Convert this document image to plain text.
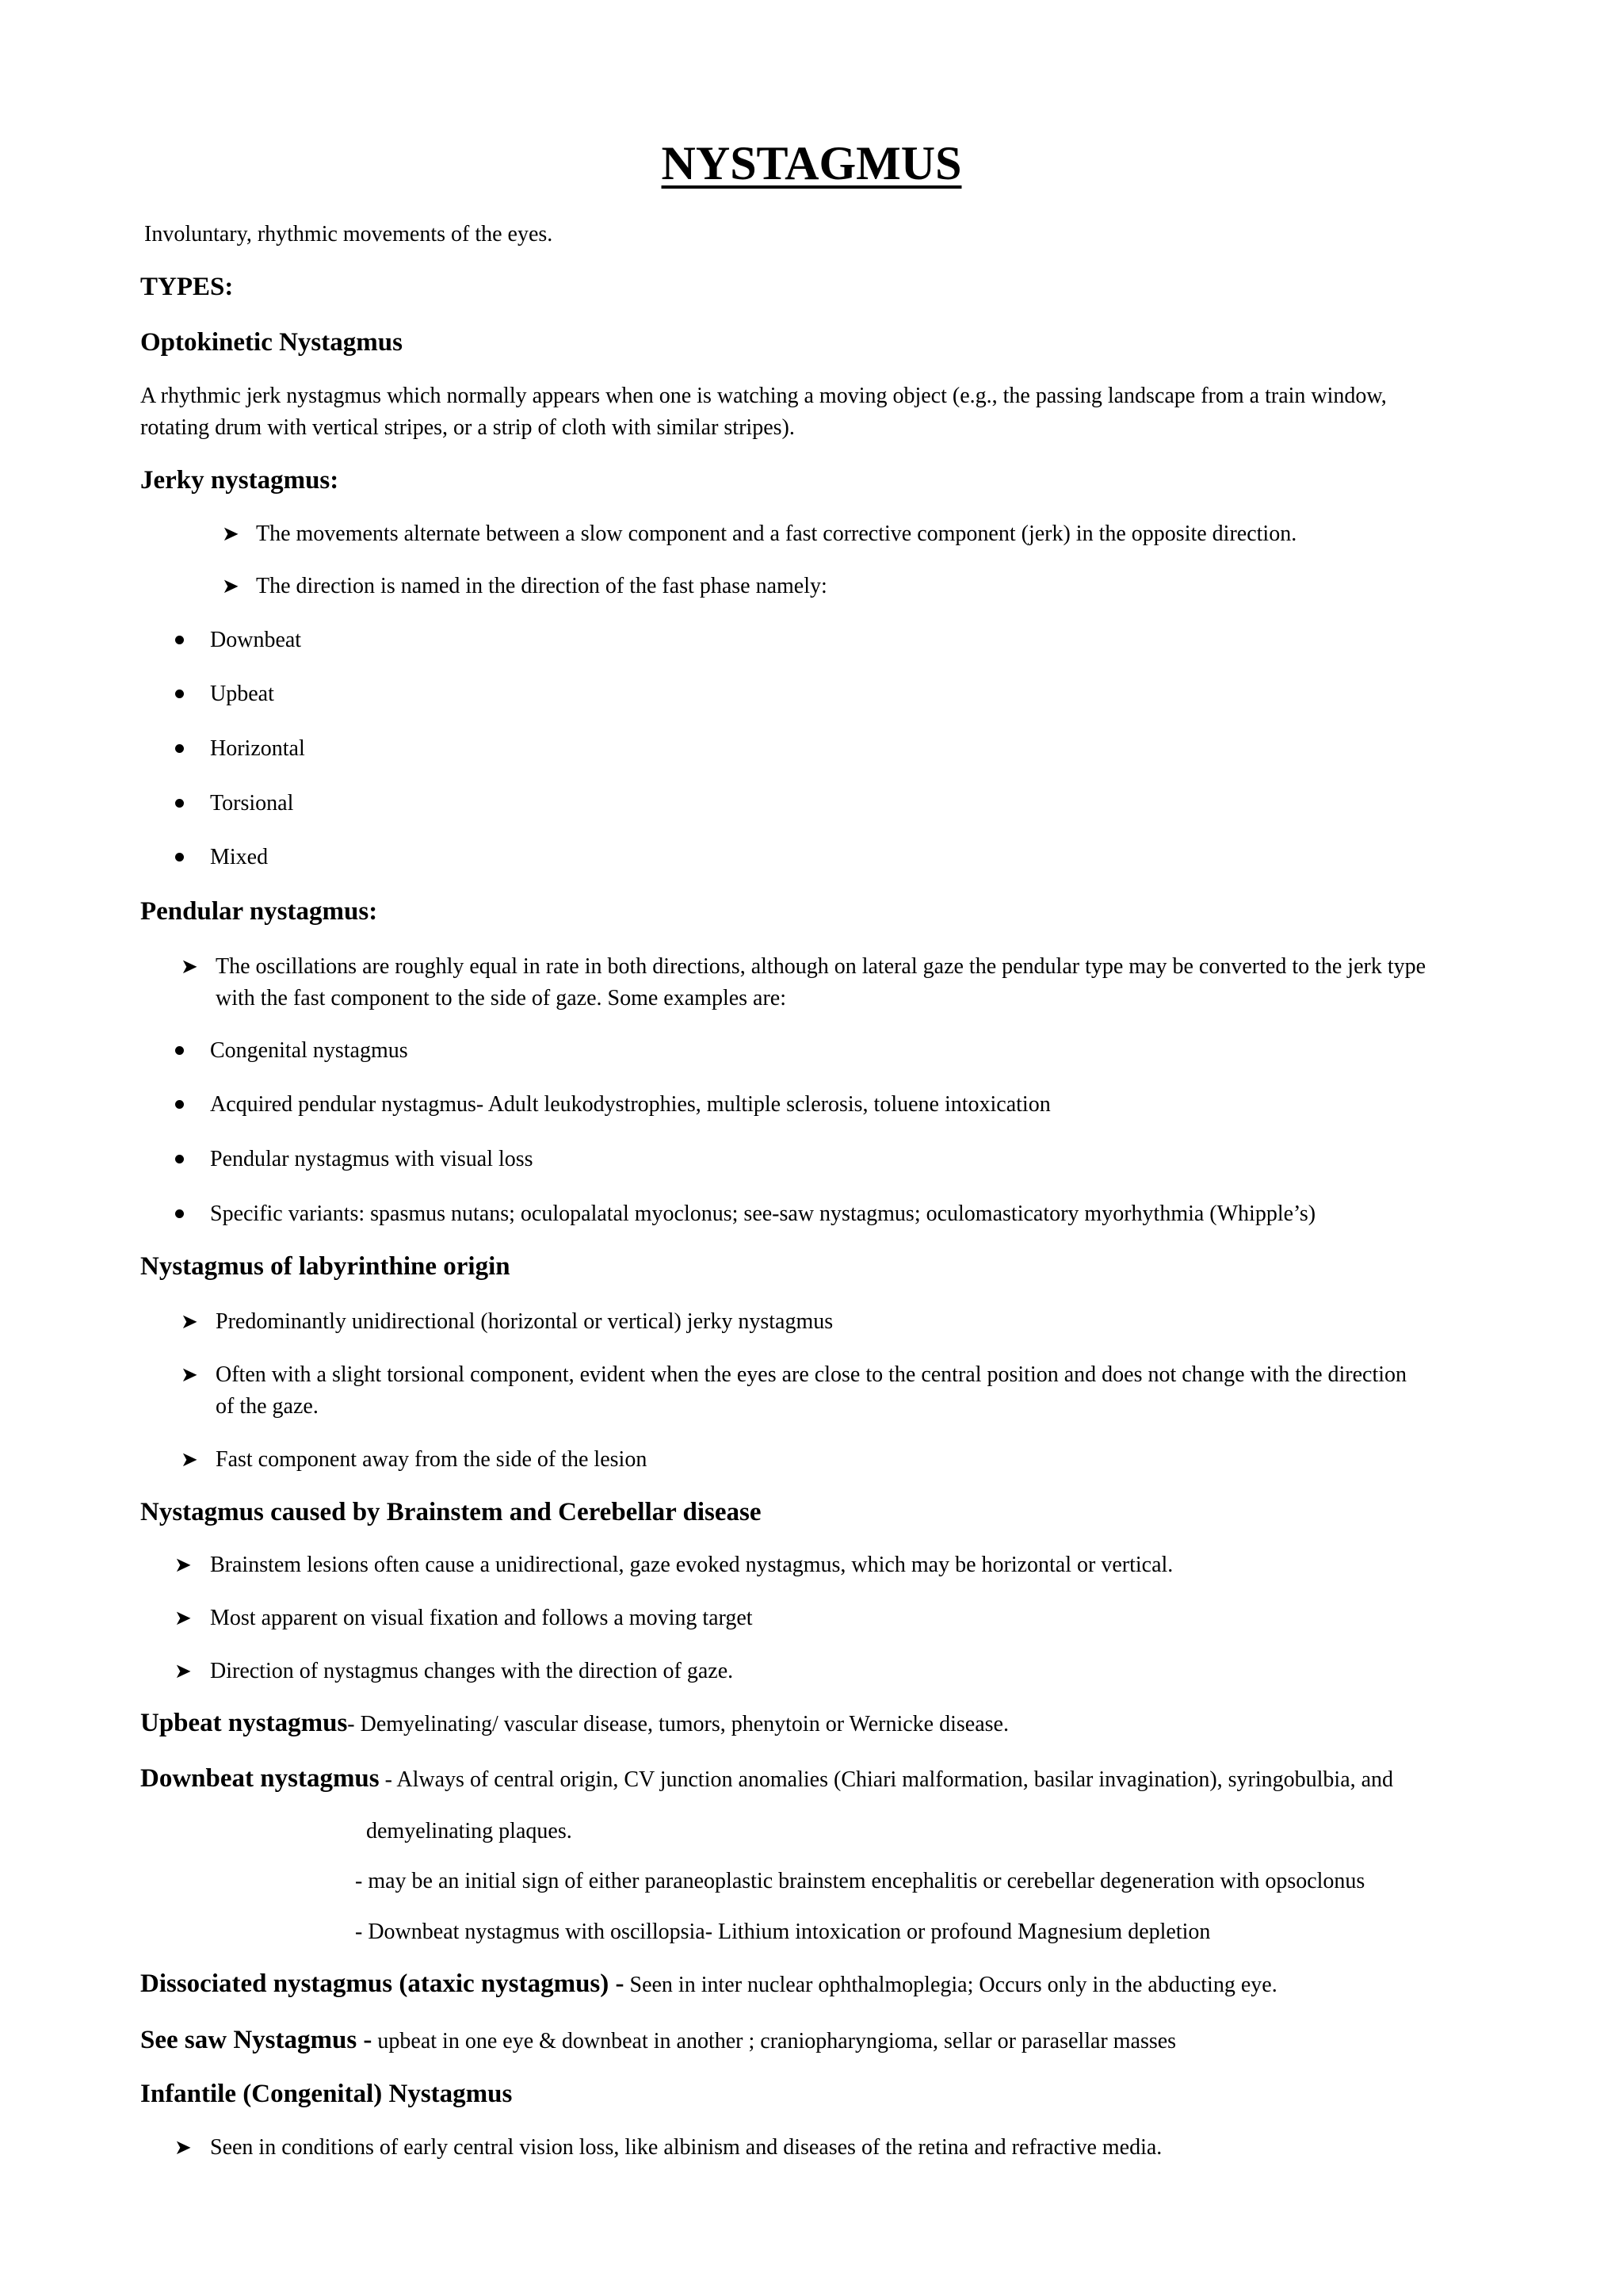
NYSTAGMUS

Involuntary, rhythmic movements of the eyes.

TYPES:

Optokinetic Nystagmus

A rhythmic jerk nystagmus which normally appears when one is watching a moving object (e.g., the passing landscape from a train window,

rotating drum with vertical stripes, or a strip of cloth with similar stripes).

Jerky nystagmus:

➤ The movements alternate between a slow component and a fast corrective component (jerk) in the opposite direction.

➤ The direction is named in the direction of the fast phase namely:

Downbeat

Upbeat

Horizontal

Torsional

Mixed

Pendular nystagmus:

➤ The oscillations are roughly equal in rate in both directions, although on lateral gaze the pendular type may be converted to the jerk type

with the fast component to the side of gaze. Some examples are:

Congenital nystagmus

Acquired pendular nystagmus- Adult leukodystrophies, multiple sclerosis, toluene intoxication

Pendular nystagmus with visual loss

Specific variants: spasmus nutans; oculopalatal myoclonus; see-saw nystagmus; oculomasticatory myorhythmia (Whipple’s)

Nystagmus of labyrinthine origin

➤ Predominantly unidirectional (horizontal or vertical) jerky nystagmus

➤ Often with a slight torsional component, evident when the eyes are close to the central position and does not change with the direction

of the gaze.

➤ Fast component away from the side of the lesion

Nystagmus caused by Brainstem and Cerebellar disease

➤ Brainstem lesions often cause a unidirectional, gaze evoked nystagmus, which may be horizontal or vertical.

➤ Most apparent on visual fixation and follows a moving target

➤ Direction of nystagmus changes with the direction of gaze.

Upbeat nystagmus- Demyelinating/ vascular disease, tumors, phenytoin or Wernicke disease.

Downbeat nystagmus - Always of central origin, CV junction anomalies (Chiari malformation, basilar invagination), syringobulbia, and

demyelinating plaques.

- may be an initial sign of either paraneoplastic brainstem encephalitis or cerebellar degeneration with opsoclonus

- Downbeat nystagmus with oscillopsia- Lithium intoxication or profound Magnesium depletion

Dissociated nystagmus (ataxic nystagmus) - Seen in inter nuclear ophthalmoplegia; Occurs only in the abducting eye.

See saw Nystagmus - upbeat in one eye & downbeat in another ; craniopharyngioma, sellar or parasellar masses

Infantile (Congenital) Nystagmus

➤ Seen in conditions of early central vision loss, like albinism and diseases of the retina and refractive media.
